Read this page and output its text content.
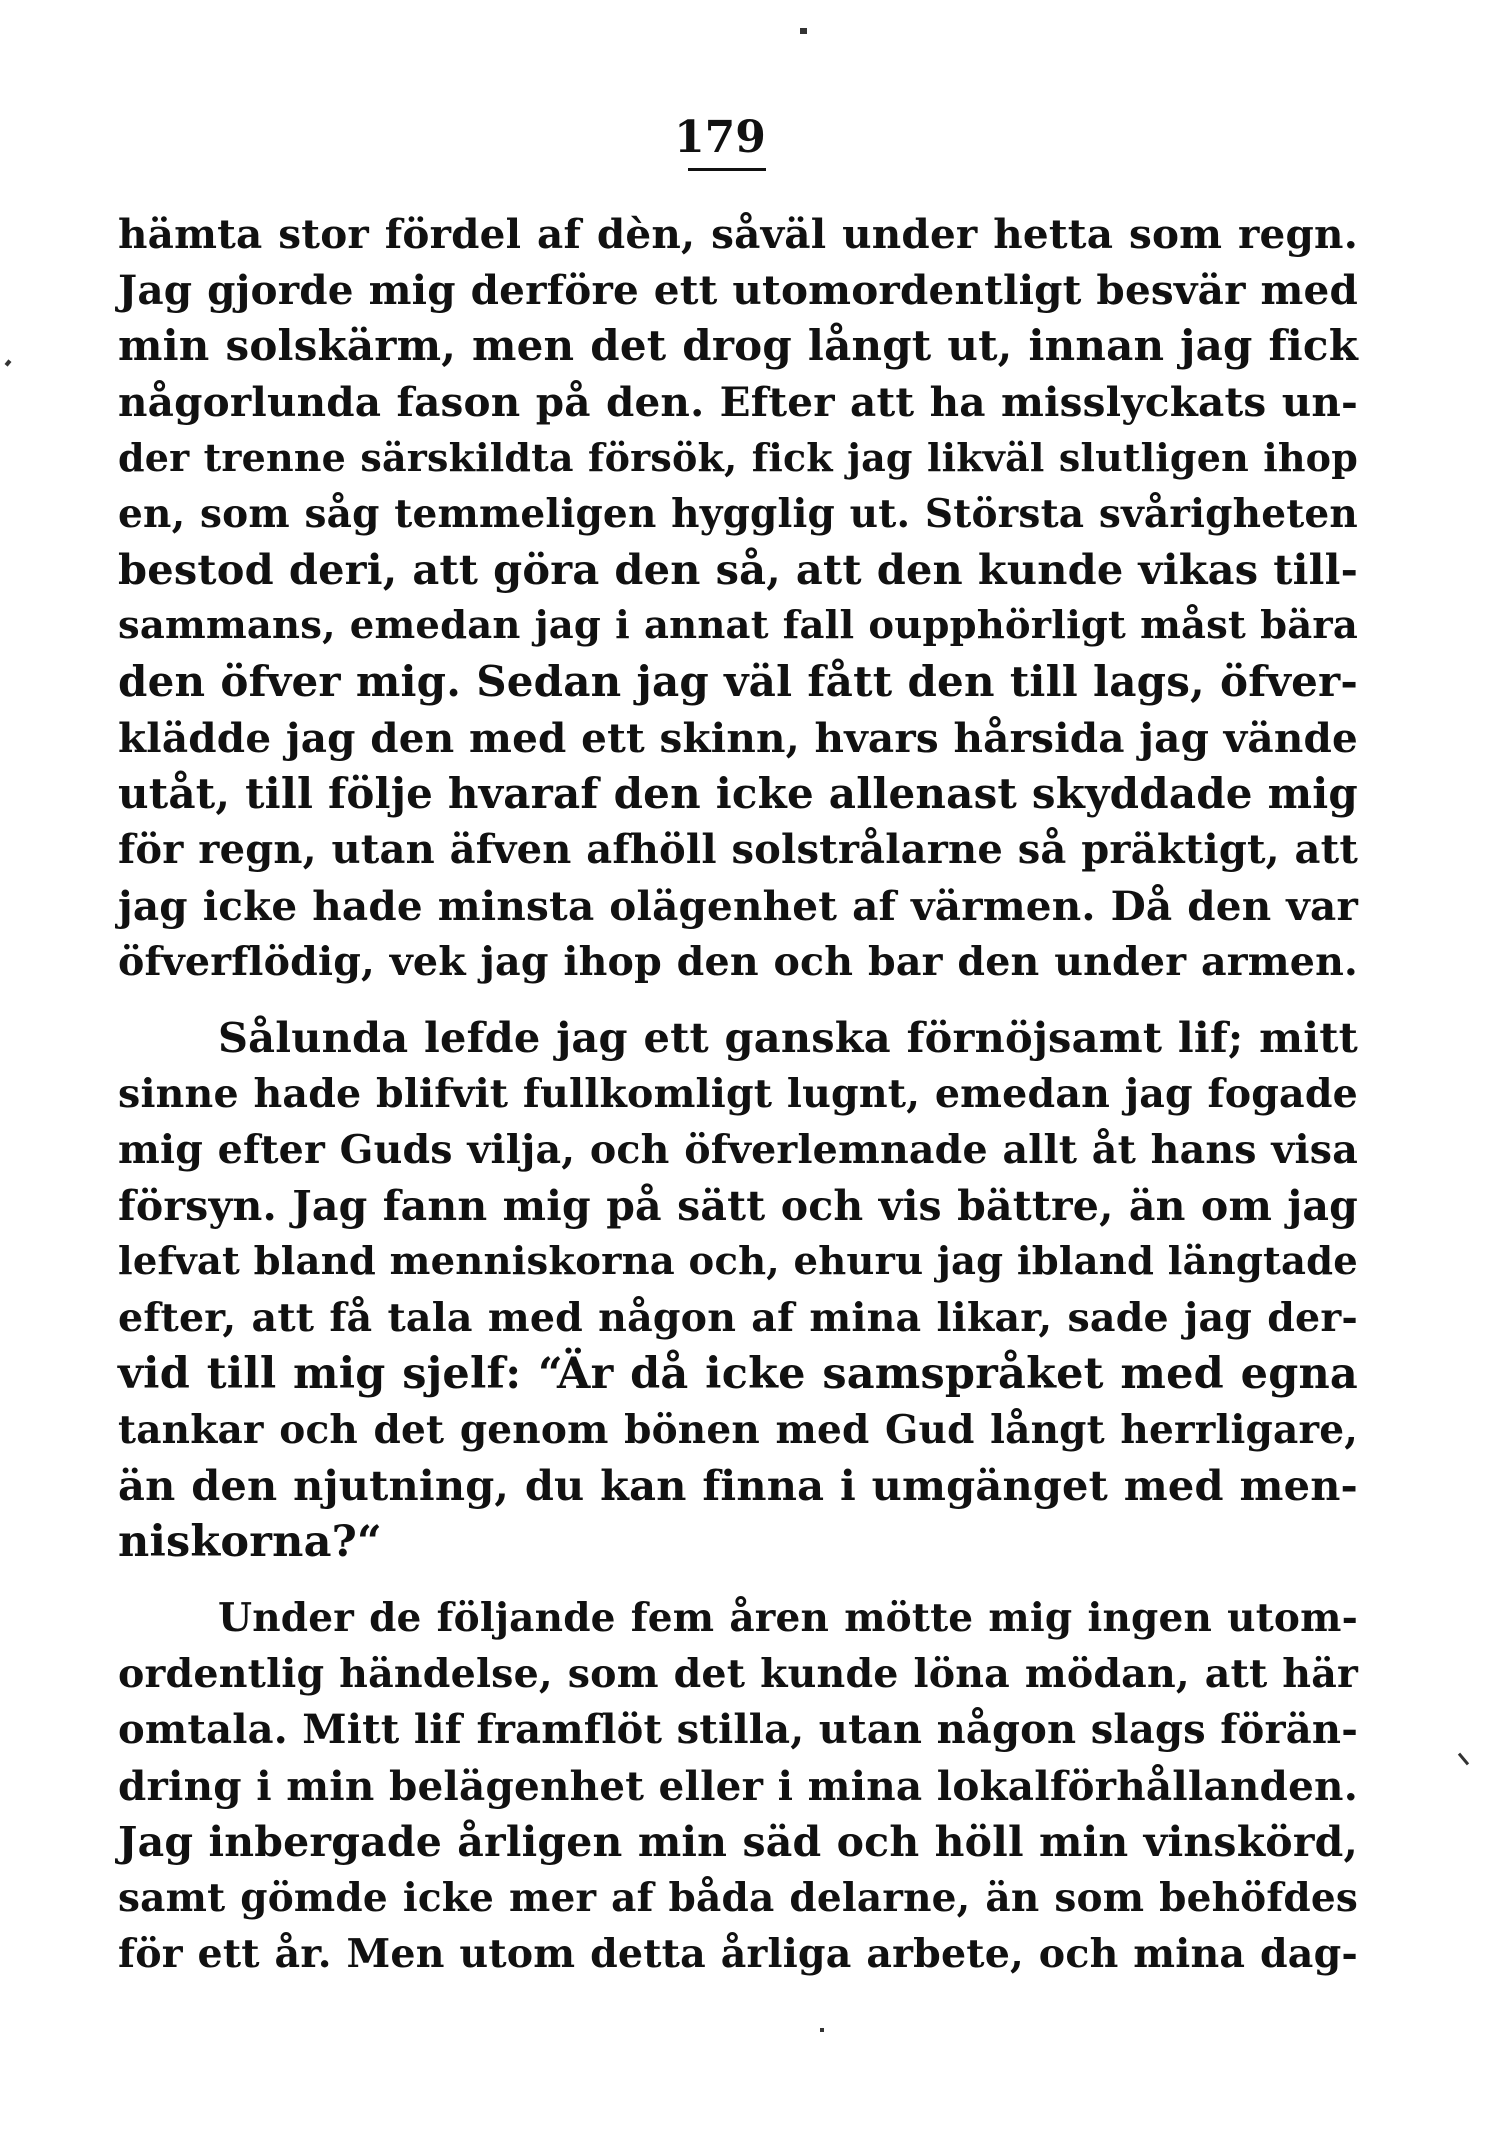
179
hämta stor fördel af dèn, såväl under hetta som regn.
Jag gjorde mig derföre ett utomordentligt besvär med
min solskärm, men det drog långt ut, innan jag fick
någorlunda fason på den. Efter att ha misslyckats un-
der trenne särskildta försök, fick jag likväl slutligen ihop
en, som såg temmeligen hygglig ut. Största svårigheten
bestod deri, att göra den så, att den kunde vikas till-
sammans, emedan jag i annat fall oupphörligt måst bära
den öfver mig. Sedan jag väl fått den till lags, öfver-
klädde jag den med ett skinn, hvars hårsida jag vände
utåt, till följe hvaraf den icke allenast skyddade mig
för regn, utan äfven afhöll solstrålarne så präktigt, att
jag icke hade minsta olägenhet af värmen. Då den var
öfverflödig, vek jag ihop den och bar den under armen.
Sålunda lefde jag ett ganska förnöjsamt lif; mitt
sinne hade blifvit fullkomligt lugnt, emedan jag fogade
mig efter Guds vilja, och öfverlemnade allt åt hans visa
försyn. Jag fann mig på sätt och vis bättre, än om jag
lefvat bland menniskorna och, ehuru jag ibland längtade
efter, att få tala med någon af mina likar, sade jag der-
vid till mig sjelf: “Är då icke samspråket med egna
tankar och det genom bönen med Gud långt herrligare,
än den njutning, du kan finna i umgänget med men-
niskorna?“
Under de följande fem åren mötte mig ingen utom-
ordentlig händelse, som det kunde löna mödan, att här
omtala. Mitt lif framflöt stilla, utan någon slags förän-
dring i min belägenhet eller i mina lokalförhållanden.
Jag inbergade årligen min säd och höll min vinskörd,
samt gömde icke mer af båda delarne, än som behöfdes
för ett år. Men utom detta årliga arbete, och mina dag-
